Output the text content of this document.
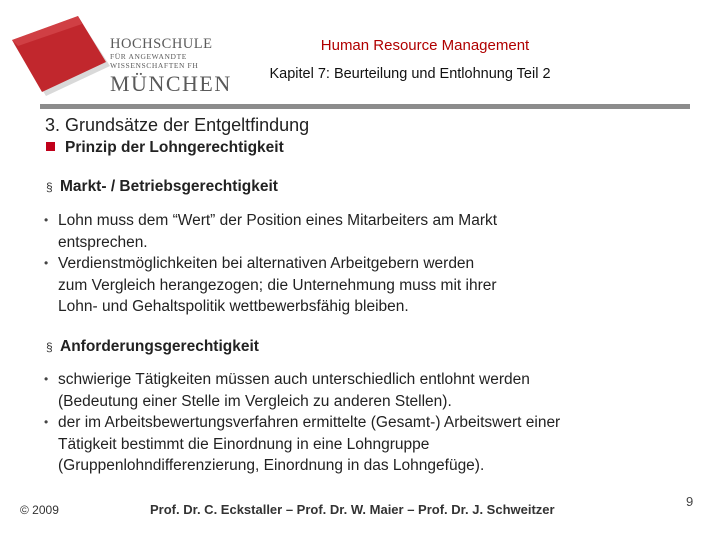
HOCHSCHULE
FÜR ANGEWANDTE
WISSENSCHAFTEN FH
MÜNCHEN
Human Resource Management
Kapitel 7: Beurteilung und Entlohnung Teil 2
3. Grundsätze der Entgeltfindung
Prinzip der Lohngerechtigkeit
§ Markt- / Betriebsgerechtigkeit
• Lohn muss dem “Wert” der Position eines Mitarbeiters am Markt
entsprechen.
• Verdienstmöglichkeiten bei alternativen Arbeitgebern werden
zum Vergleich herangezogen; die Unternehmung muss mit ihrer
Lohn- und Gehaltspolitik wettbewerbsfähig bleiben.
§ Anforderungsgerechtigkeit
• schwierige Tätigkeiten müssen auch unterschiedlich entlohnt werden
(Bedeutung einer Stelle im Vergleich zu anderen Stellen).
• der im Arbeitsbewertungsverfahren ermittelte (Gesamt-) Arbeitswert einer
Tätigkeit bestimmt die Einordnung in eine Lohngruppe
(Gruppenlohndifferenzierung, Einordnung in das Lohngefüge).
© 2009	Prof. Dr. C. Eckstaller – Prof. Dr. W. Maier – Prof. Dr. J. Schweitzer
9
